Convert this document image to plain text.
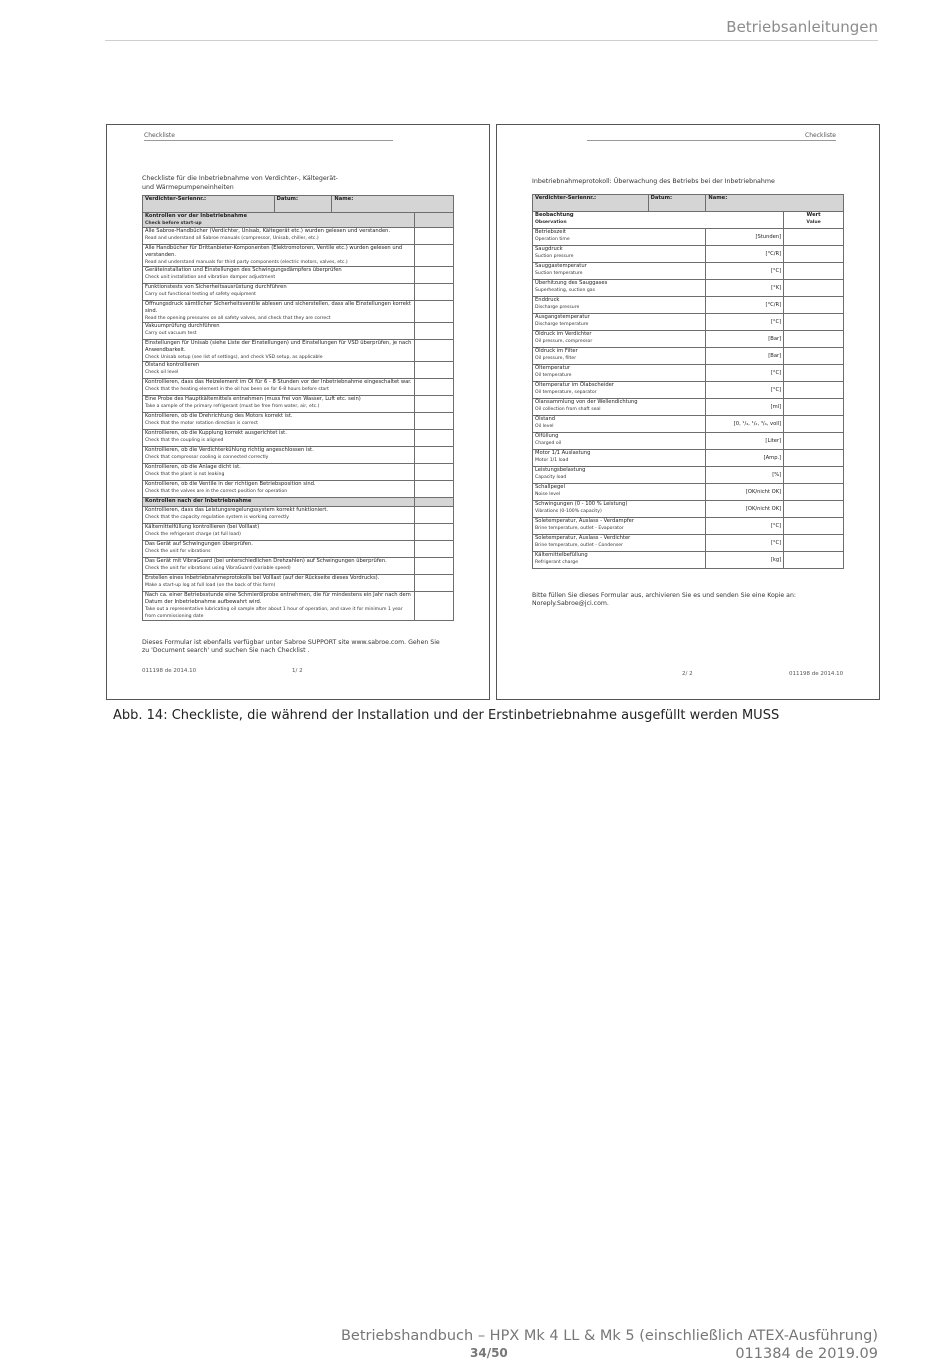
Betriebsanleitungen
Checkliste
Checkliste für die Inbetriebnahme von Verdichter-, Kältegerät- und Wärmepumpeneinheiten
Verdichter-Seriennr.:	Datum:	Name:	
Kontrollen vor der Inbetriebnahme
Check before start-up			
Alle Sabroe-Handbücher (Verdichter, Unisab, Kältegerät etc.) wurden gelesen und verstanden.
Read and understand all Sabroe manuals (compressor, Unisab, chiller, etc.)			
Alle Handbücher für Drittanbieter-Komponenten (Elektromotoren, Ventile etc.) wurden gelesen und verstanden.
Read and understand manuals for third party components (electric motors, valves, etc.)			
Geräteinstallation und Einstellungen des Schwingungsdämpfers überprüfen
Check unit installation and vibration damper adjustment			
Funktionstests von Sicherheitsausrüstung durchführen
Carry out functional testing of safety equipment			
Öffnungsdruck sämtlicher Sicherheitsventile ablesen und sicherstellen, dass alle Einstellungen korrekt sind.
Read the opening pressures on all safety valves, and check that they are correct			
Vakuumprüfung durchführen
Carry out vacuum test			
Einstellungen für Unisab (siehe Liste der Einstellungen) und Einstellungen für VSD überprüfen, je nach Anwendbarkeit.
Check Unisab setup (see list of settings), and check VSD setup, as applicable			
Ölstand kontrollieren
Check oil level			
Kontrollieren, dass das Heizelement im Öl für 6 - 8 Stunden vor der Inbetriebnahme eingeschaltet war.
Check that the heating element in the oil has been on for 6-8 hours before start			
Eine Probe des Hauptkältemittels entnehmen (muss frei von Wasser, Luft etc. sein)
Take a sample of the primary refrigerant (must be free from water, air, etc.)			
Kontrollieren, ob die Drehrichtung des Motors korrekt ist.
Check that the motor rotation direction is correct			
Kontrollieren, ob die Kupplung korrekt ausgerichtet ist.
Check that the coupling is aligned			
Kontrollieren, ob die Verdichterkühlung richtig angeschlossen ist.
Check that compressor cooling is connected correctly			
Kontrollieren, ob die Anlage dicht ist.
Check that the plant is not leaking			
Kontrollieren, ob die Ventile in der richtigen Betriebsposition sind.
Check that the valves are in the correct position for operation			
Kontrollen nach der Inbetriebnahme			
Kontrollieren, dass das Leistungsregelungssystem korrekt funktioniert.
Check that the capacity regulation system is working correctly			
Kältemittelfüllung kontrollieren (bei Volllast)
Check the refrigerant charge (at full load)			
Das Gerät auf Schwingungen überprüfen.
Check the unit for vibrations			
Das Gerät mit VibraGuard (bei unterschiedlichen Drehzahlen) auf Schwingungen überprüfen.
Check the unit for vibrations using VibraGuard (variable speed)			
Erstellen eines Inbetriebnahmeprotokolls bei Volllast (auf der Rückseite dieses Vordrucks).
Make a start-up log at full load (on the back of this form)			
Nach ca. einer Betriebsstunde eine Schmierölprobe entnehmen, die für mindestens ein Jahr nach dem Datum der Inbetriebnahme aufbewahrt wird.
Take out a representative lubricating oil sample after about 1 hour of operation, and save it for minimum 1 year from commissioning date			
Dieses Formular ist ebenfalls verfügbar unter Sabroe SUPPORT site www.sabroe.com. Gehen Sie zu 'Document search' und suchen Sie nach Checklist .
011198 de 2014.10	1/ 2
Checkliste
Inbetriebnahmeprotokoll: Überwachung des Betriebs bei der Inbetriebnahme
Verdichter-Seriennr.:	Datum:	Name:	
Beobachtung
Observation			Wert
Value
Betriebszeit
Operation time		[Stunden]	
Saugdruck
Suction pressure		[°C/R]	
Sauggastemperatur
Suction temperature		[°C]	
Überhitzung des Sauggases
Superheating, suction gas		[°K]	
Enddruck
Discharge pressure		[°C/R]	
Ausgangstemperatur
Discharge temperature		[°C]	
Öldruck im Verdichter
Oil pressure, compressor		[Bar]	
Öldruck im Filter
Oil pressure, filter		[Bar]	
Öltemperatur
Oil temperature		[°C]	
Öltemperatur im Ölabscheider
Oil temperature, separator		[°C]	
Ölansammlung von der Wellendichtung
Oil collection from shaft seal		[ml]	
Ölstand
Oil level		[0, ¹/₄, ¹/₂, ³/₄, voll]	
Ölfüllung
Charged oil		[Liter]	
Motor 1/1 Auslastung
Motor 1/1 load		[Amp.]	
Leistungsbelastung
Capacity load		[%]	
Schallpegel
Noise level		[OK/nicht OK]	
Schwingungen (0 - 100 % Leistung)
Vibrations (0-100% capacity)		[OK/nicht OK]	
Soletemperatur, Auslass - Verdampfer
Brine temperature, outlet - Evaporator		[°C]	
Soletemperatur, Auslass - Verdichter
Brine temperature, outlet - Condenser		[°C]	
Kältemittelbefüllung
Refrigerant charge		[kg]	
Bitte füllen Sie dieses Formular aus, archivieren Sie es und senden Sie eine Kopie an: Noreply.Sabroe@jci.com.
2/ 2	011198 de 2014.10
Abb. 14: Checkliste, die während der Installation und der Erstinbetriebnahme ausgefüllt werden MUSS
Betriebshandbuch – HPX Mk 4 LL & Mk 5 (einschließlich ATEX-Ausführung)
34/50	011384 de 2019.09
